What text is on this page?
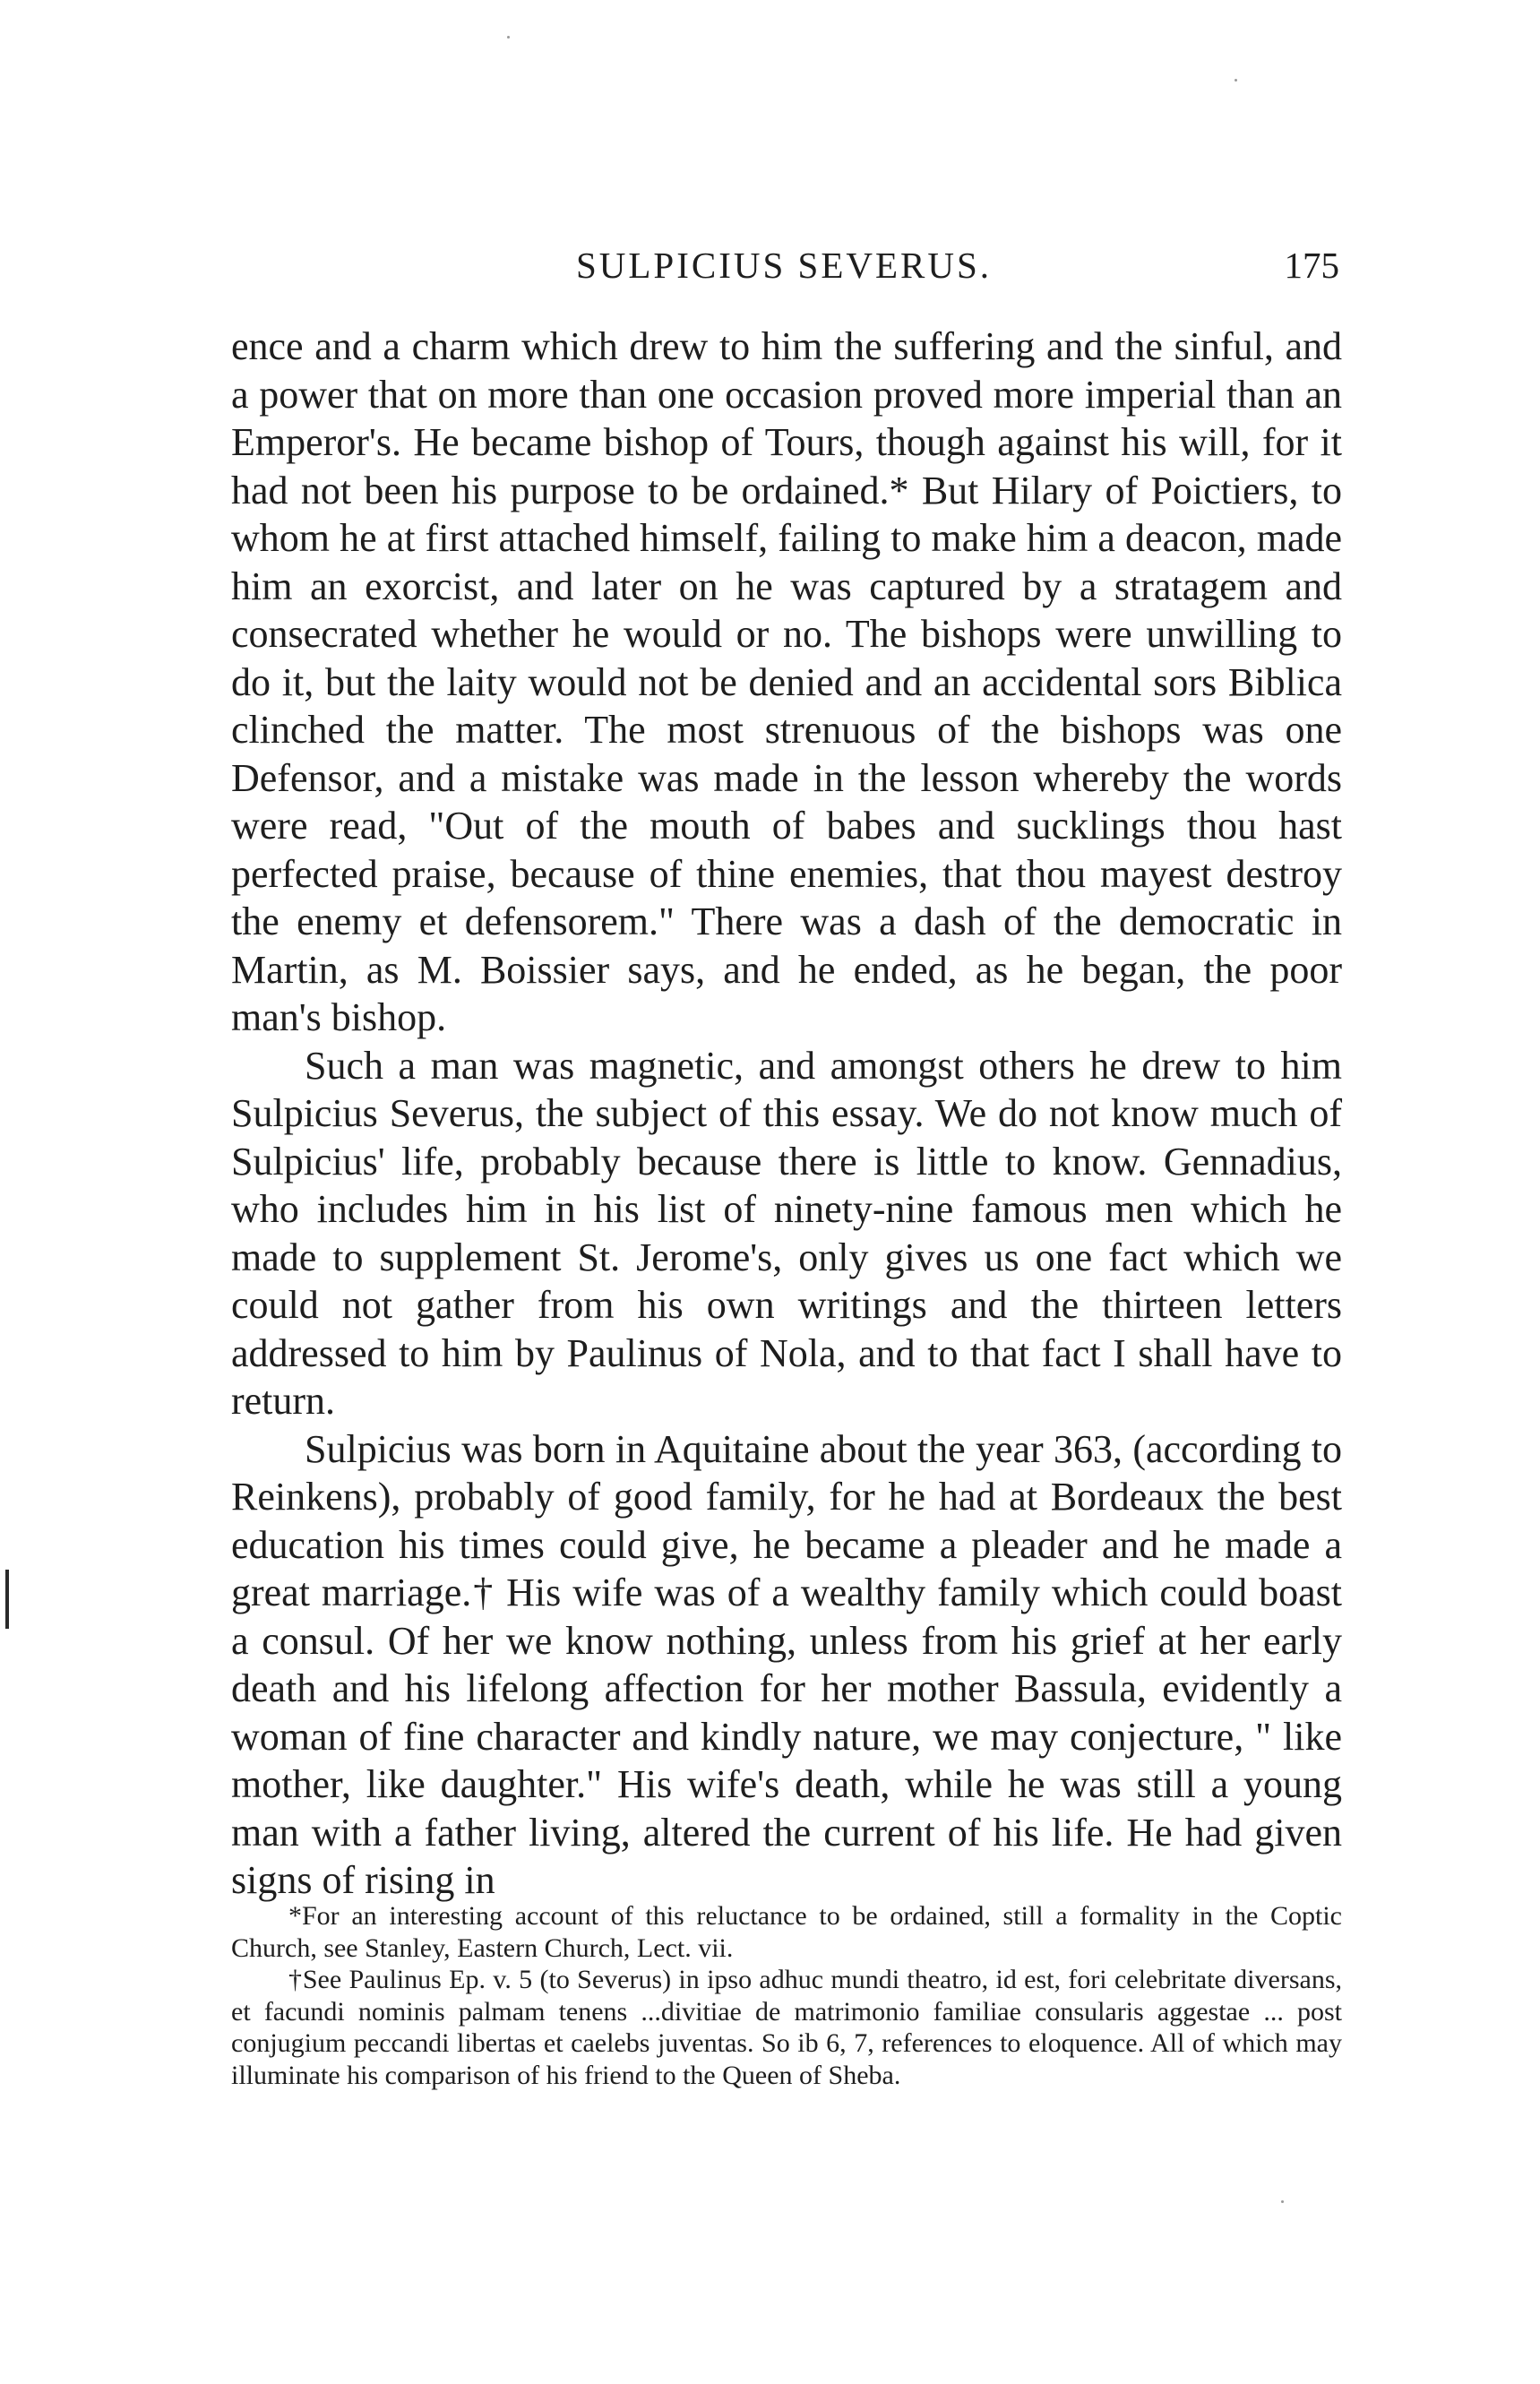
SULPICIUS SEVERUS.	175

ence and a charm which drew to him the suffering and the sinful, and a power that on more than one occasion proved more imperial than an Emperor's. He became bishop of Tours, though against his will, for it had not been his purpose to be ordained.* But Hilary of Poictiers, to whom he at first attached himself, failing to make him a deacon, made him an exorcist, and later on he was captured by a stratagem and consecrated whether he would or no. The bishops were unwilling to do it, but the laity would not be denied and an accidental sors Biblica clinched the matter. The most strenuous of the bishops was one Defensor, and a mistake was made in the lesson whereby the words were read, "Out of the mouth of babes and sucklings thou hast perfected praise, because of thine enemies, that thou mayest destroy the enemy et defensorem." There was a dash of the democratic in Martin, as M. Boissier says, and he ended, as he began, the poor man's bishop.

Such a man was magnetic, and amongst others he drew to him Sulpicius Severus, the subject of this essay. We do not know much of Sulpicius' life, probably because there is little to know. Gennadius, who includes him in his list of ninety-nine famous men which he made to supplement St. Jerome's, only gives us one fact which we could not gather from his own writings and the thirteen letters addressed to him by Paulinus of Nola, and to that fact I shall have to return.

Sulpicius was born in Aquitaine about the year 363, (according to Reinkens), probably of good family, for he had at Bordeaux the best education his times could give, he became a pleader and he made a great marriage.† His wife was of a wealthy family which could boast a consul. Of her we know nothing, unless from his grief at her early death and his lifelong affection for her mother Bassula, evidently a woman of fine character and kindly nature, we may conjecture, " like mother, like daughter." His wife's death, while he was still a young man with a father living, altered the current of his life. He had given signs of rising in

*For an interesting account of this reluctance to be ordained, still a formality in the Coptic Church, see Stanley, Eastern Church, Lect. vii.

†See Paulinus Ep. v. 5 (to Severus) in ipso adhuc mundi theatro, id est, fori celebritate diversans, et facundi nominis palmam tenens ...divitiae de matrimonio familiae consularis aggestae ... post conjugium peccandi libertas et caelebs juventas. So ib 6, 7, references to eloquence. All of which may illuminate his comparison of his friend to the Queen of Sheba.
